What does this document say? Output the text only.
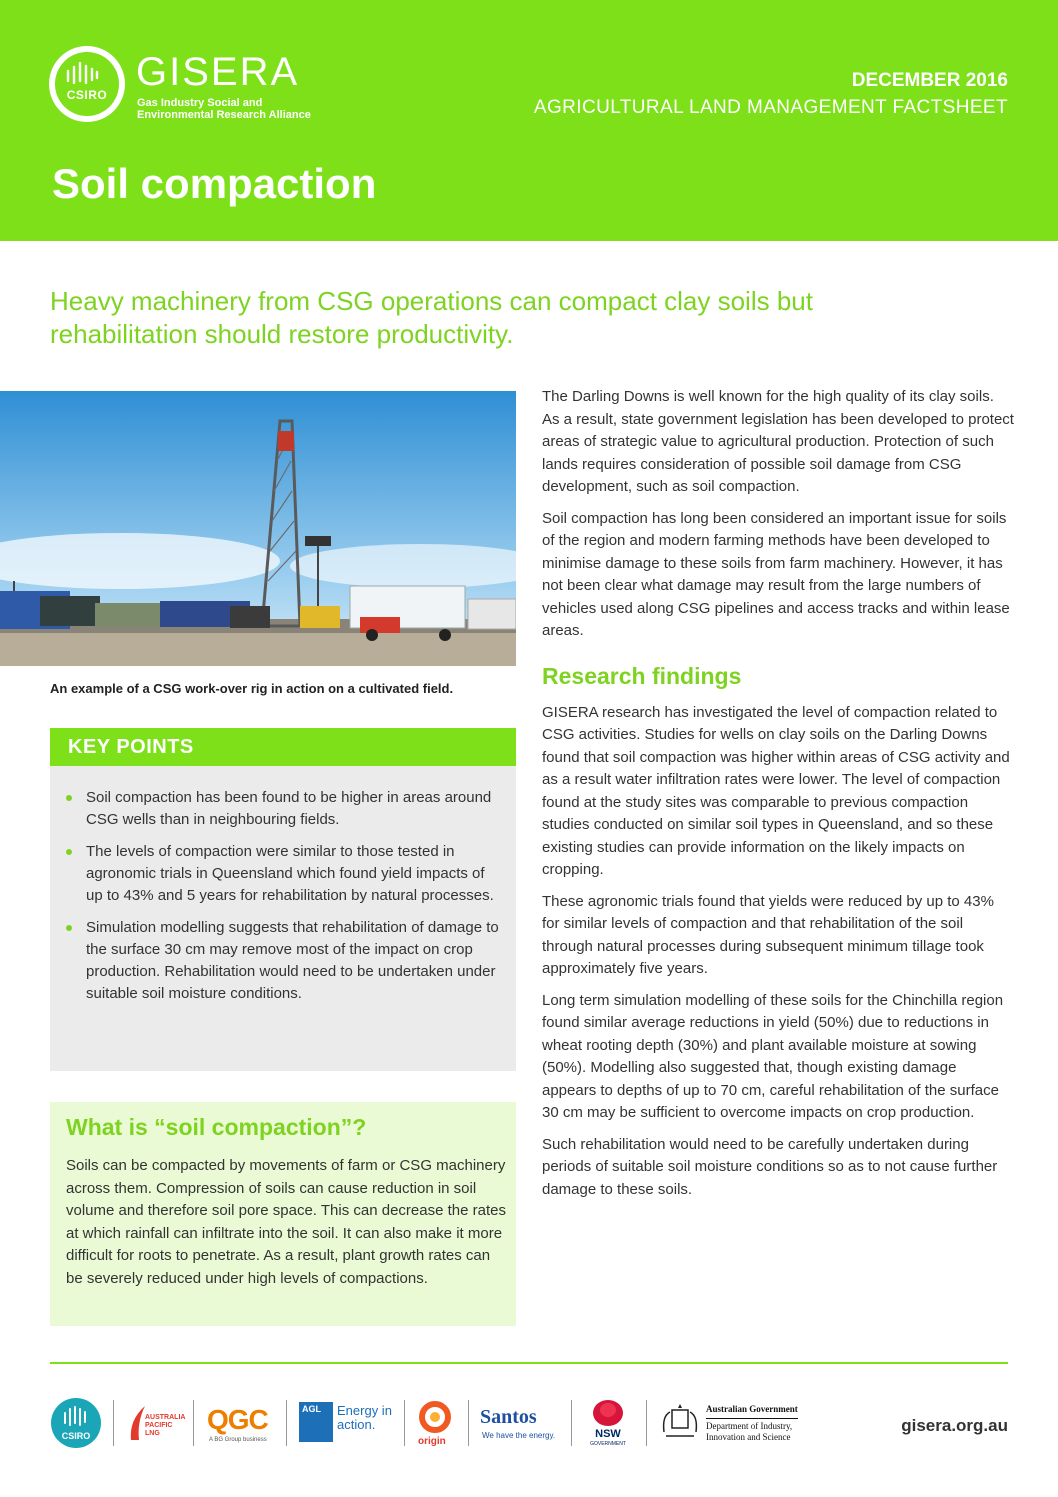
CSIRO
GISERA
Gas Industry Social and
Environmental Research Alliance
DECEMBER 2016
AGRICULTURAL LAND MANAGEMENT FACTSHEET
Soil compaction
Heavy machinery from CSG operations can compact clay soils but rehabilitation should restore productivity.
An example of a CSG work-over rig in action on a cultivated field.
KEY POINTS
Soil compaction has been found to be higher in areas around CSG wells than in neighbouring fields.
The levels of compaction were similar to those tested in agronomic trials in Queensland which found yield impacts of up to 43% and 5 years for rehabilitation by natural processes.
Simulation modelling suggests that rehabilitation of damage to the surface 30 cm may remove most of the impact on crop production. Rehabilitation would need to be undertaken under suitable soil moisture conditions.
What is “soil compaction”?
Soils can be compacted by movements of farm or CSG machinery across them. Compression of soils can cause reduction in soil volume and therefore soil pore space. This can decrease the rates at which rainfall can infiltrate into the soil. It can also make it more difficult for roots to penetrate. As a result, plant growth rates can be severely reduced under high levels of compactions.

The Darling Downs is well known for the high quality of its clay soils. As a result, state government legislation has been developed to protect areas of strategic value to agricultural production. Protection of such lands requires consideration of possible soil damage from CSG development, such as soil compaction.

Soil compaction has long been considered an important issue for soils of the region and modern farming methods have been developed to minimise damage to these soils from farm machinery. However, it has not been clear what damage may result from the large numbers of vehicles used along CSG pipelines and access tracks and within lease areas.

Research findings

GISERA research has investigated the level of compaction related to CSG activities. Studies for wells on clay soils on the Darling Downs found that soil compaction was higher within areas of CSG activity and as a result water infiltration rates were lower. The level of compaction found at the study sites was comparable to previous compaction studies conducted on similar soil types in Queensland, and so these existing studies can provide information on the likely impacts on cropping.

These agronomic trials found that yields were reduced by up to 43% for similar levels of compaction and that rehabilitation of the soil through natural processes during subsequent minimum tillage took approximately five years.

Long term simulation modelling of these soils for the Chinchilla region found similar average reductions in yield (50%) due to reductions in wheat rooting depth (30%) and plant available moisture at sowing (50%). Modelling also suggested that, though existing damage appears to depths of up to 70 cm, careful rehabilitation of the surface 30 cm may be sufficient to overcome impacts on crop production.

Such rehabilitation would need to be carefully undertaken during periods of suitable soil moisture conditions so as to not cause further damage to these soils.

CSIRO
AUSTRALIA
PACIFIC
LNG	QGC
A BG Group business
AGL	Energy in
action.
origin
Santos
We have the energy.	NSW
GOVERNMENT
Australian Government
Department of Industry,
Innovation and Science
gisera.org.au
